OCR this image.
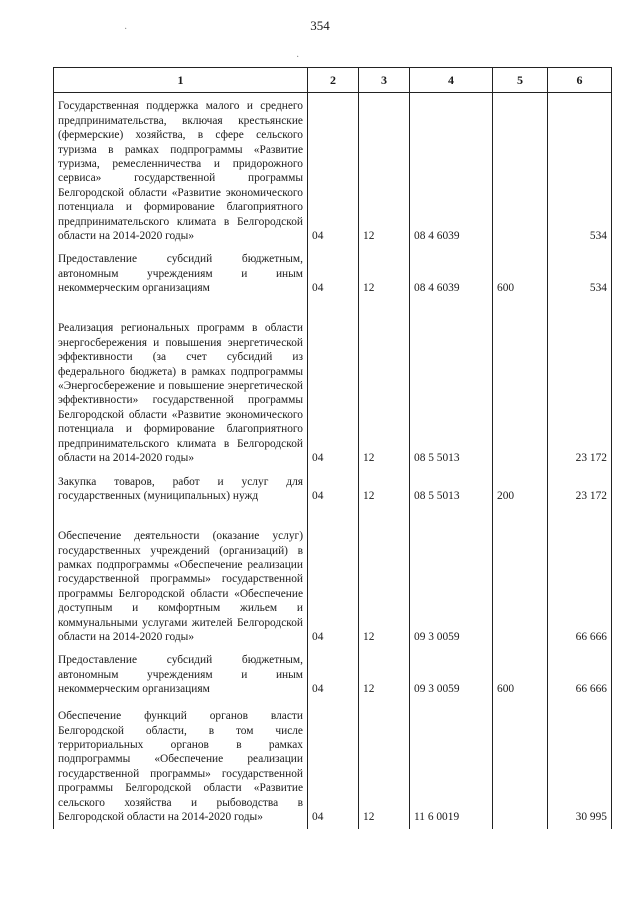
354
·
·
1	2	3	4	5	6
Государственная поддержка малого и среднего предпринимательства, включая крестьянские (фермерские) хозяйства, в сфере сельского туризма в рамках подпрограммы «Развитие туризма, ремесленничества и придорожного сервиса» государственной программы Белгородской области «Развитие экономического потенциала и формирование благоприятного предпринимательского климата в Белгородской области на 2014-2020 годы»	04	12	08 4 6039		534
Предоставление субсидий бюджетным, автономным учреждениям и иным некоммерческим организациям	04	12	08 4 6039	600	534
Реализация региональных программ в области энергосбережения и повышения энергетической эффективности (за счет субсидий из федерального бюджета) в рамках подпрограммы «Энергосбережение и повышение энергетической эффективности» государственной программы Белгородской области «Развитие экономического потенциала и формирование благоприятного предпринимательского климата в Белгородской области на 2014-2020 годы»	04	12	08 5 5013		23 172
Закупка товаров, работ и услуг для государственных (муниципальных) нужд	04	12	08 5 5013	200	23 172
Обеспечение деятельности (оказание услуг) государственных учреждений (организаций) в рамках подпрограммы «Обеспечение реализации государственной программы» государственной программы Белгородской области «Обеспечение доступным и комфортным жильем и коммунальными услугами жителей Белгородской области на 2014-2020 годы»	04	12	09 3 0059		66 666
Предоставление субсидий бюджетным, автономным учреждениям и иным некоммерческим организациям	04	12	09 3 0059	600	66 666
Обеспечение функций органов власти Белгородской области, в том числе территориальных органов в рамках подпрограммы «Обеспечение реализации государственной программы» государственной программы Белгородской области «Развитие сельского хозяйства и рыбоводства в Белгородской области на 2014-2020 годы»	04	12	11 6 0019		30 995
